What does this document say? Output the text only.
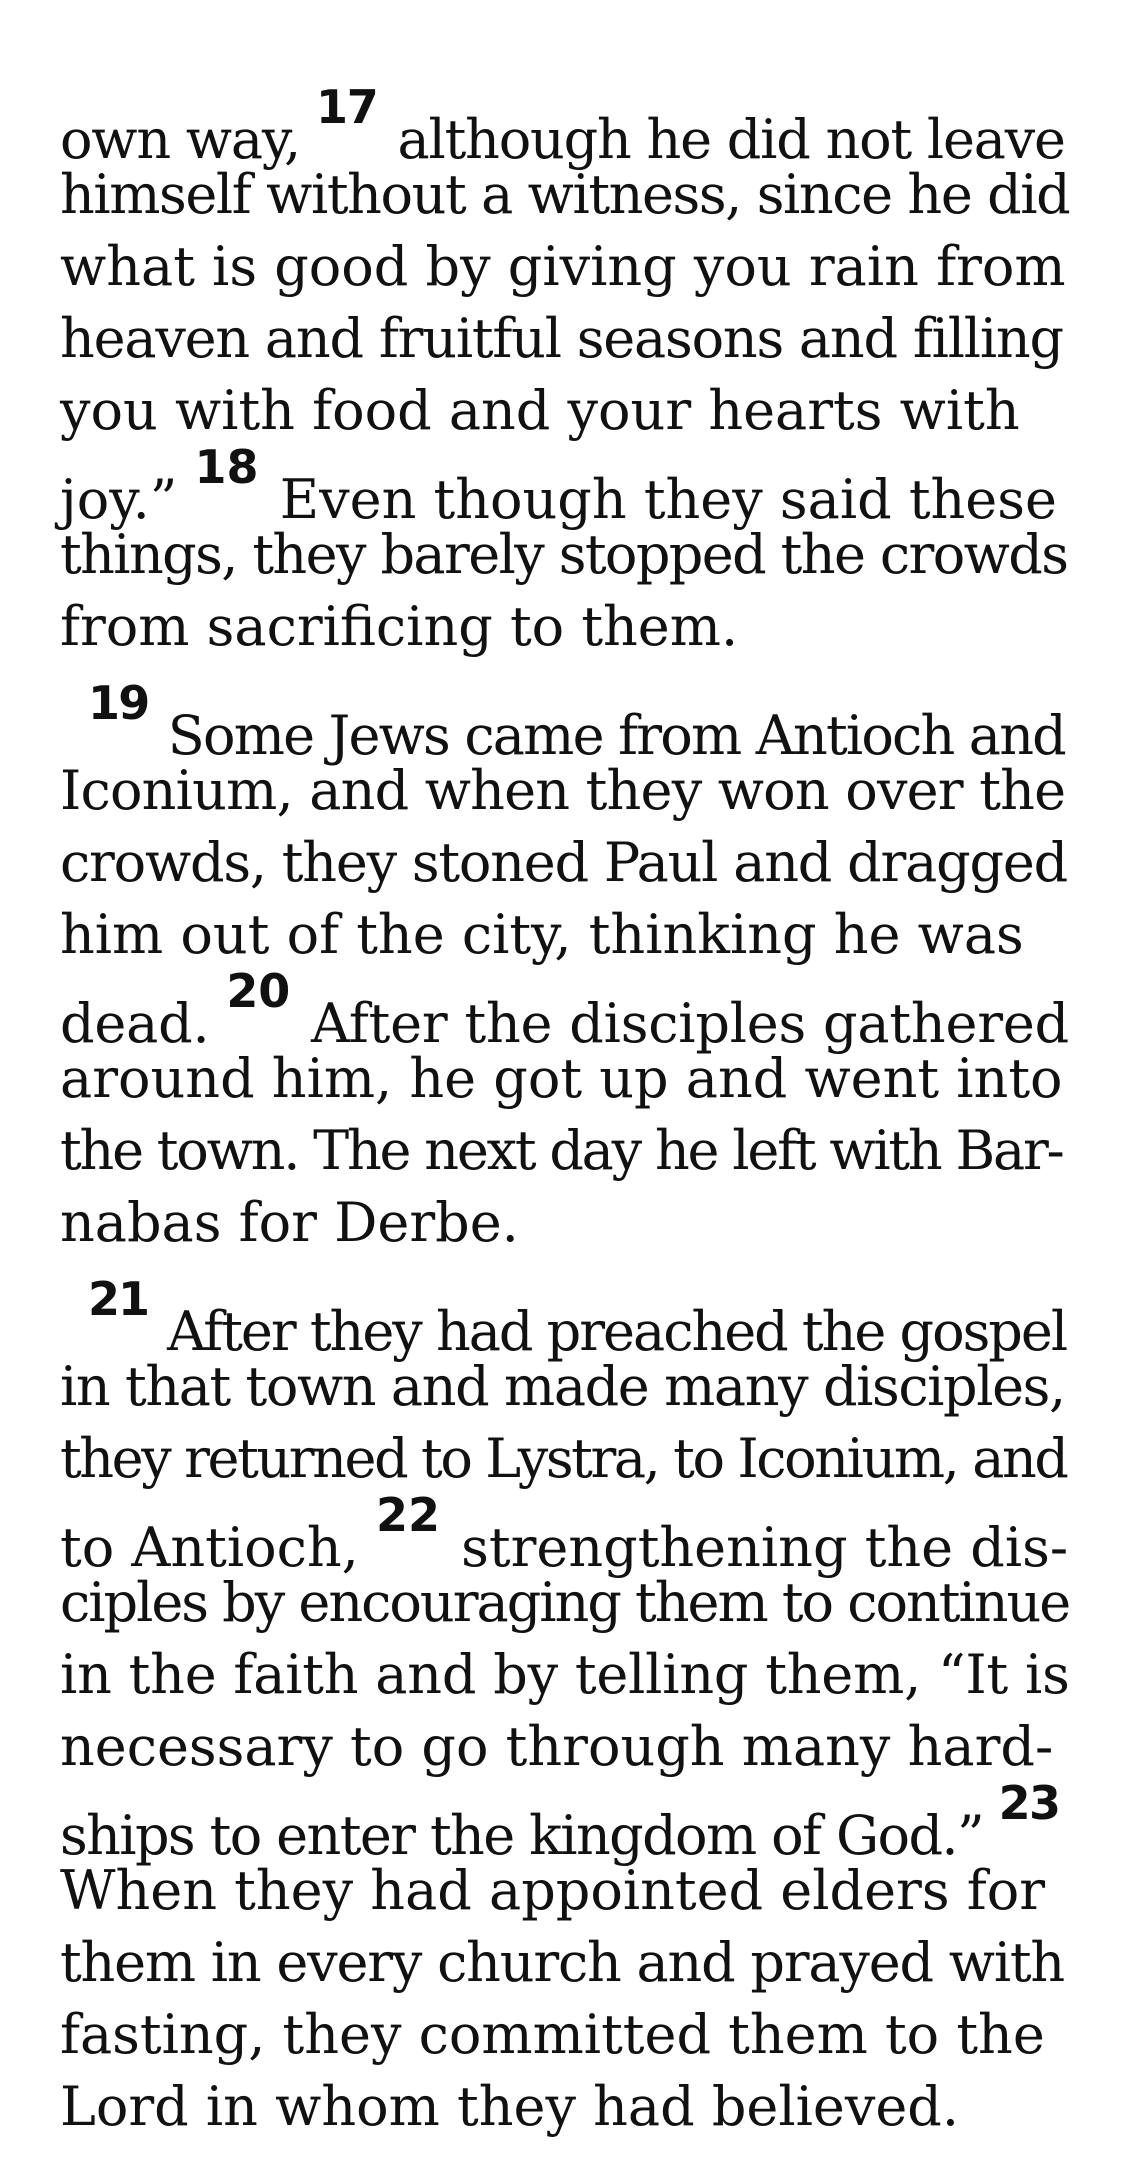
own way, $^{17}$ although he did not leave
himself without a witness, since he did
what is good by giving you rain from
heaven and fruitful seasons and filling
you with food and your hearts with
joy.” $^{18}$ Even though they said these
things, they barely stopped the crowds
from sacrificing to them.

$^{19}$ Some Jews came from Antioch and
Iconium, and when they won over the
crowds, they stoned Paul and dragged
him out of the city, thinking he was
dead. $^{20}$ After the disciples gathered
around him, he got up and went into
the town. The next day he left with Bar-
nabas for Derbe.

$^{21}$ After they had preached the gospel
in that town and made many disciples,
they returned to Lystra, to Iconium, and
to Antioch, $^{22}$ strengthening the dis-
ciples by encouraging them to continue
in the faith and by telling them, “It is
necessary to go through many hard-
ships to enter the kingdom of God.” $^{23}$
When they had appointed elders for
them in every church and prayed with
fasting, they committed them to the
Lord in whom they had believed.
